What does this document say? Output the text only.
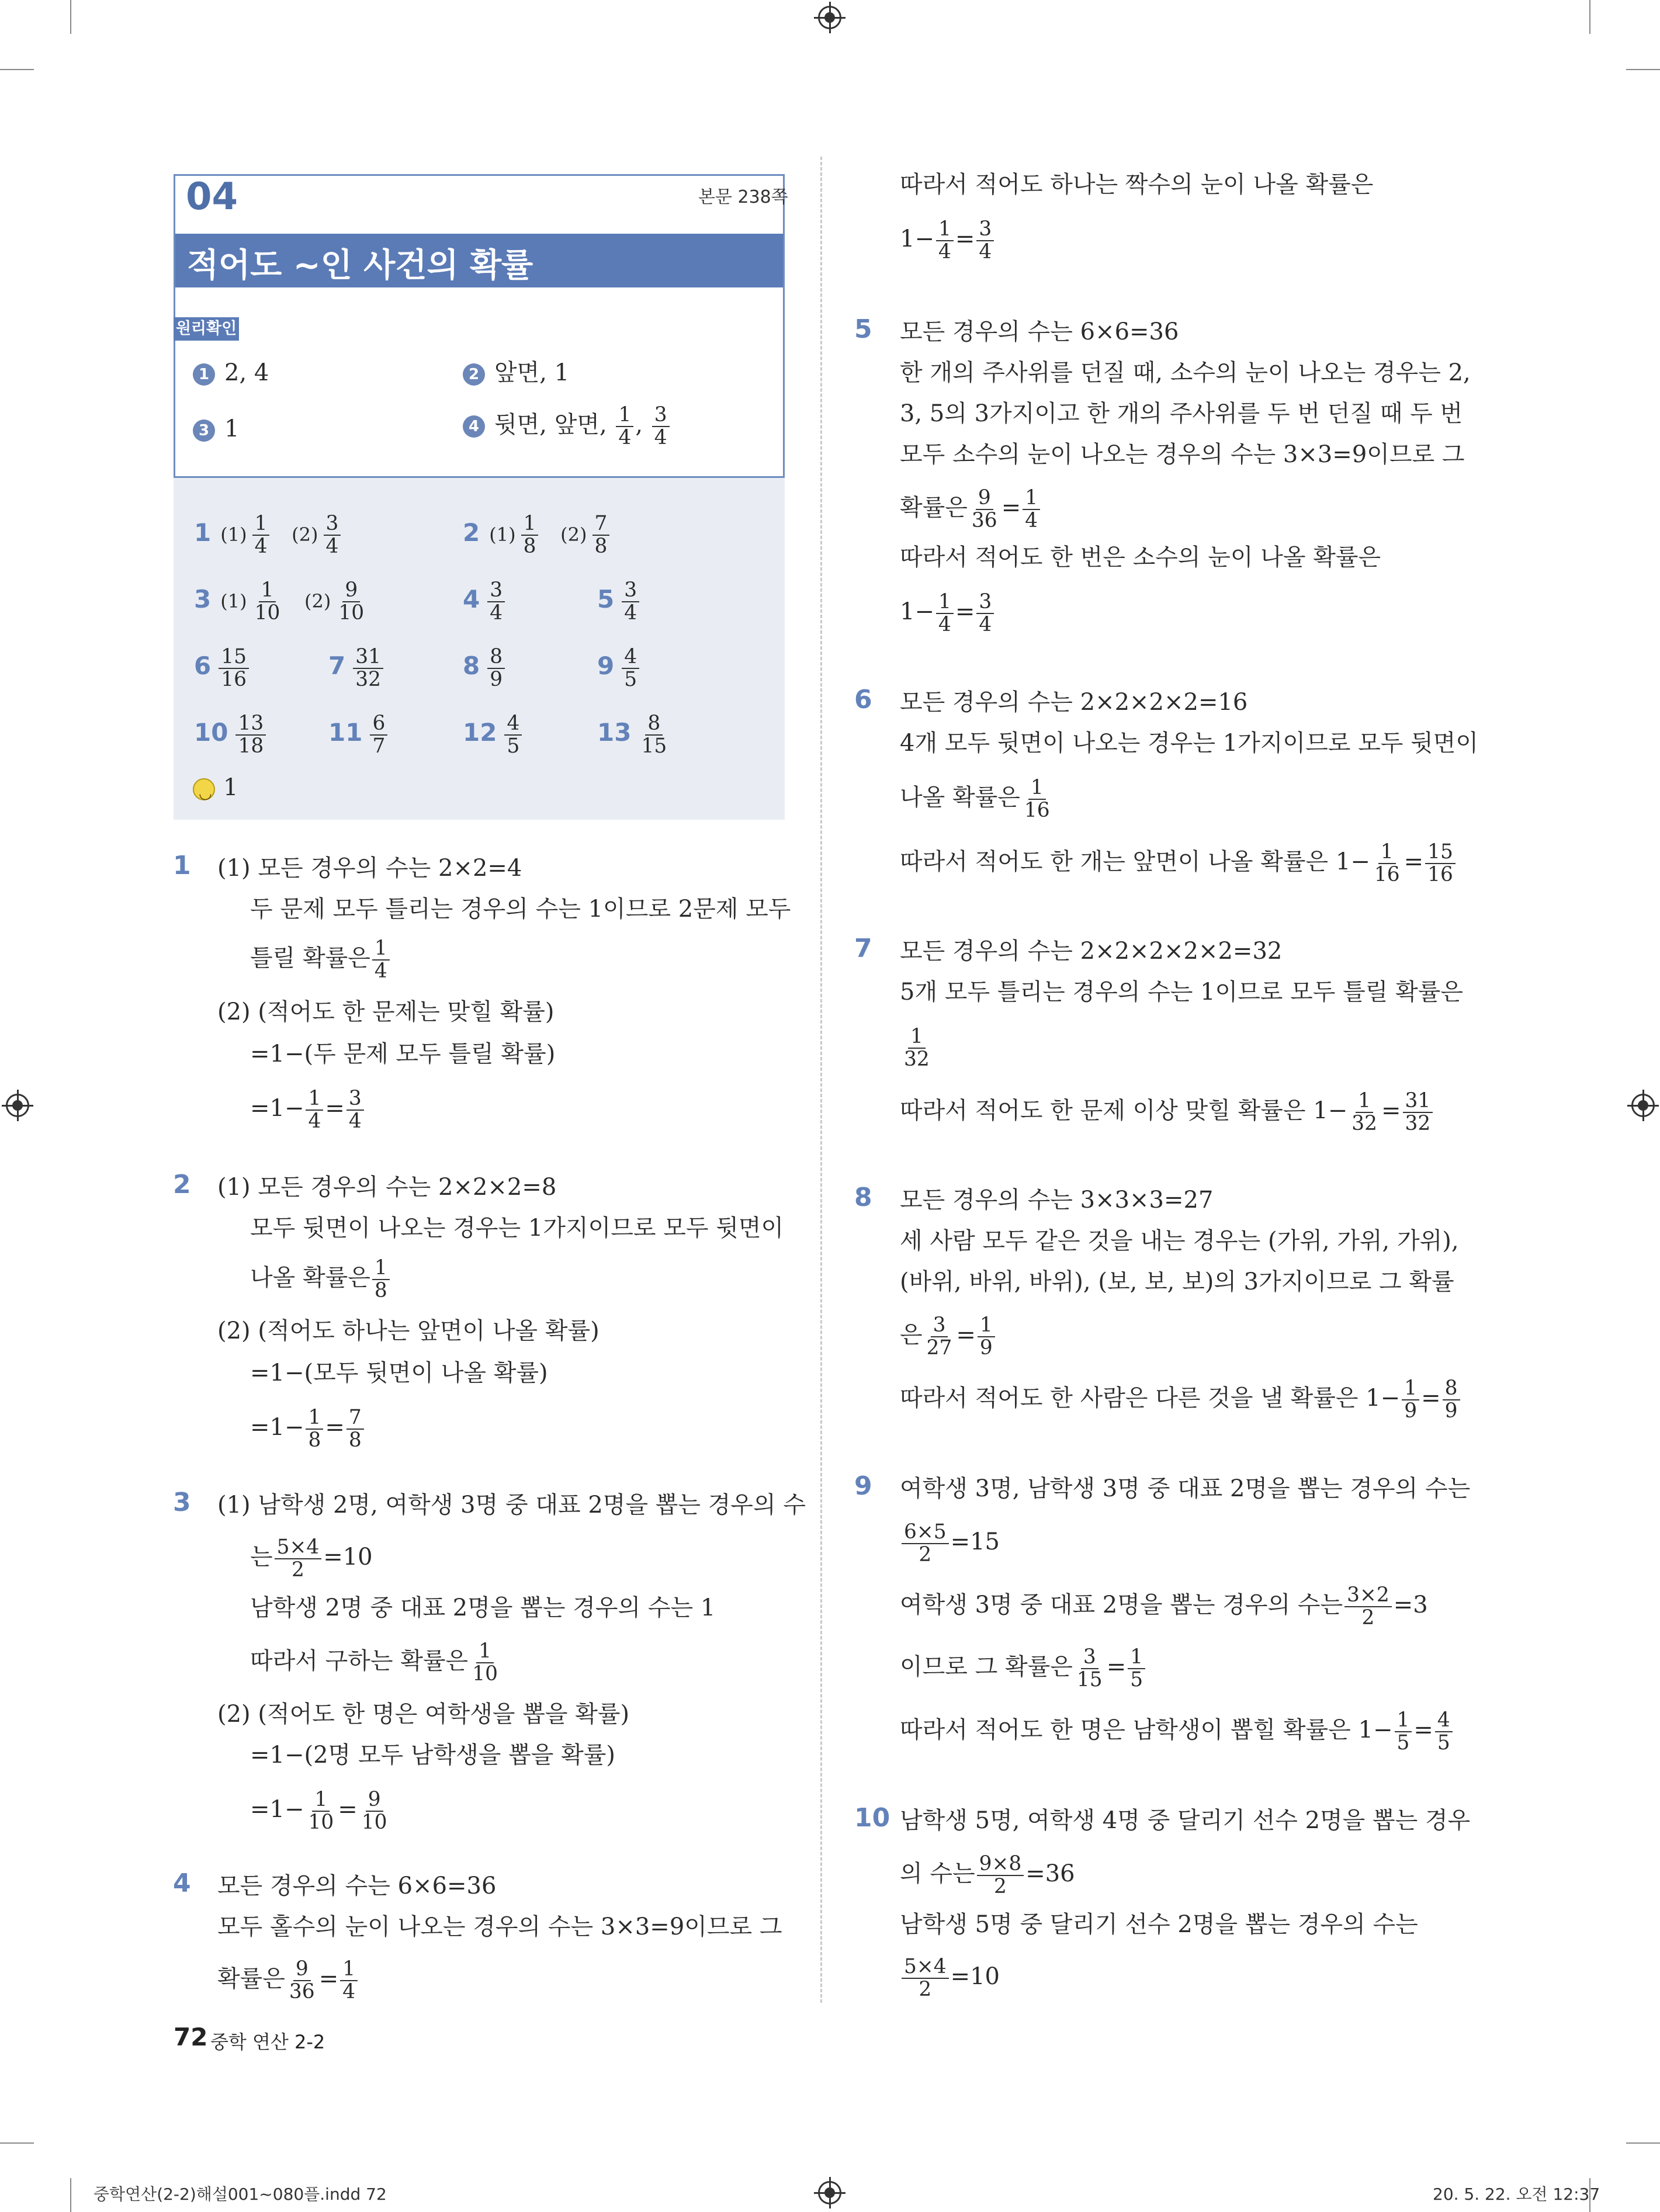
04	본문 238쪽
적어도 ~인 사건의 확률
원리확인
1 2, 4	2 앞면, 1
3 1	4 뒷면, 앞면, $\frac{1}{4}$ , $\frac{3}{4}$
1 $(1) \frac{1}{4} (2) \frac{3}{4}$	2 $(1) \frac{1}{8} (2) \frac{7}{8}$
3 $(1) \frac{1}{10} (2) \frac{9}{10}$	$4 \frac{3}{4}$	$5 \frac{3}{4}$
$6 \frac{15}{16}$	$7 \frac{31}{32}$	$8 \frac{8}{9}$	$9 \frac{4}{5}$
$10 \frac{13}{18}$	$11 \frac{6}{7}$	$12 \frac{4}{5}$	$13 \frac{8}{15}$
◡1
1 (1) 모든 경우의 수는 2×2=4
두 문제 모두 틀리는 경우의 수는 1이므로 2문제 모두
틀릴 확률은 $\frac{1}{4}$
(2) (적어도 한 문제는 맞힐 확률)
=1−(두 문제 모두 틀릴 확률)
$=1- \frac{1}{4} = \frac{3}{4}$
2 (1) 모든 경우의 수는 2×2×2=8
모두 뒷면이 나오는 경우는 1가지이므로 모두 뒷면이
나올 확률은 $\frac{1}{8}$
(2) (적어도 하나는 앞면이 나올 확률)
=1−(모두 뒷면이 나올 확률)
$=1- \frac{1}{8} = \frac{7}{8}$
3 (1) 남학생 2명, 여학생 3명 중 대표 2명을 뽑는 경우의 수
는 $\frac{5\times 4}{2} =10$
남학생 2명 중 대표 2명을 뽑는 경우의 수는 1
따라서 구하는 확률은 $\frac{1}{10}$
(2) (적어도 한 명은 여학생을 뽑을 확률)
=1−(2명 모두 남학생을 뽑을 확률)
$=1- \frac{1}{10} = \frac{9}{10}$
4 모든 경우의 수는 6×6=36
모두 홀수의 눈이 나오는 경우의 수는 3×3=9이므로 그
확률은 $\frac{9}{36} = \frac{1}{4}$
따라서 적어도 하나는 짝수의 눈이 나올 확률은
$1- \frac{1}{4} = \frac{3}{4}$
5 모든 경우의 수는 6×6=36
한 개의 주사위를 던질 때, 소수의 눈이 나오는 경우는 2,
3, 5의 3가지이고 한 개의 주사위를 두 번 던질 때 두 번
모두 소수의 눈이 나오는 경우의 수는 3×3=9이므로 그
확률은 $\frac{9}{36} = \frac{1}{4}$
따라서 적어도 한 번은 소수의 눈이 나올 확률은
$1- \frac{1}{4} = \frac{3}{4}$
6 모든 경우의 수는 2×2×2×2=16
4개 모두 뒷면이 나오는 경우는 1가지이므로 모두 뒷면이
나올 확률은 $\frac{1}{16}$
따라서 적어도 한 개는 앞면이 나올 확률은 $1- \frac{1}{16} = \frac{15}{16}$
7 모든 경우의 수는 2×2×2×2×2=32
5개 모두 틀리는 경우의 수는 1이므로 모두 틀릴 확률은
$\frac{1}{32}$
따라서 적어도 한 문제 이상 맞힐 확률은 $1- \frac{1}{32} = \frac{31}{32}$
8 모든 경우의 수는 3×3×3=27
세 사람 모두 같은 것을 내는 경우는 (가위, 가위, 가위),
(바위, 바위, 바위), (보, 보, 보)의 3가지이므로 그 확률
은 $\frac{3}{27} = \frac{1}{9}$
따라서 적어도 한 사람은 다른 것을 낼 확률은 $1- \frac{1}{9} = \frac{8}{9}$
9 여학생 3명, 남학생 3명 중 대표 2명을 뽑는 경우의 수는
$\frac{6\times 5}{2} =15$
여학생 3명 중 대표 2명을 뽑는 경우의 수는 $\frac{3\times 2}{2} =3$
이므로 그 확률은 $\frac{3}{15} = \frac{1}{5}$
따라서 적어도 한 명은 남학생이 뽑힐 확률은 $1- \frac{1}{5} = \frac{4}{5}$
10 남학생 5명, 여학생 4명 중 달리기 선수 2명을 뽑는 경우
의 수는 $\frac{9\times 8}{2} =36$
남학생 5명 중 달리기 선수 2명을 뽑는 경우의 수는
$\frac{5\times 4}{2} =10$
72 중학 연산 2-2
중학연산(2-2)해설001~080플.indd 72	20. 5. 22. 오전 12:37
